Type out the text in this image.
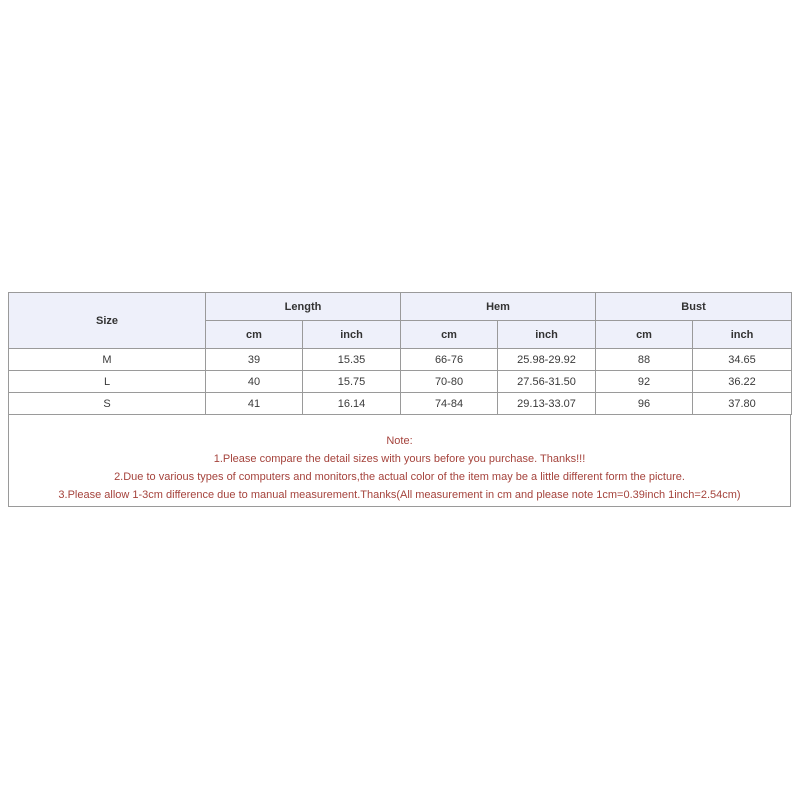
Size	Length		Hem		Bust	
	cm	inch	cm	inch	cm	inch
M	39	15.35	66-76	25.98-29.92	88	34.65
L	40	15.75	70-80	27.56-31.50	92	36.22
S	41	16.14	74-84	29.13-33.07	96	37.80
Note:
1.Please compare the detail sizes with yours before you purchase. Thanks!!!
2.Due to various types of computers and monitors,the actual color of the item may be a little different form the picture.
3.Please allow 1-3cm difference due to manual measurement.Thanks(All measurement in cm and please note 1cm=0.39inch 1inch=2.54cm)
